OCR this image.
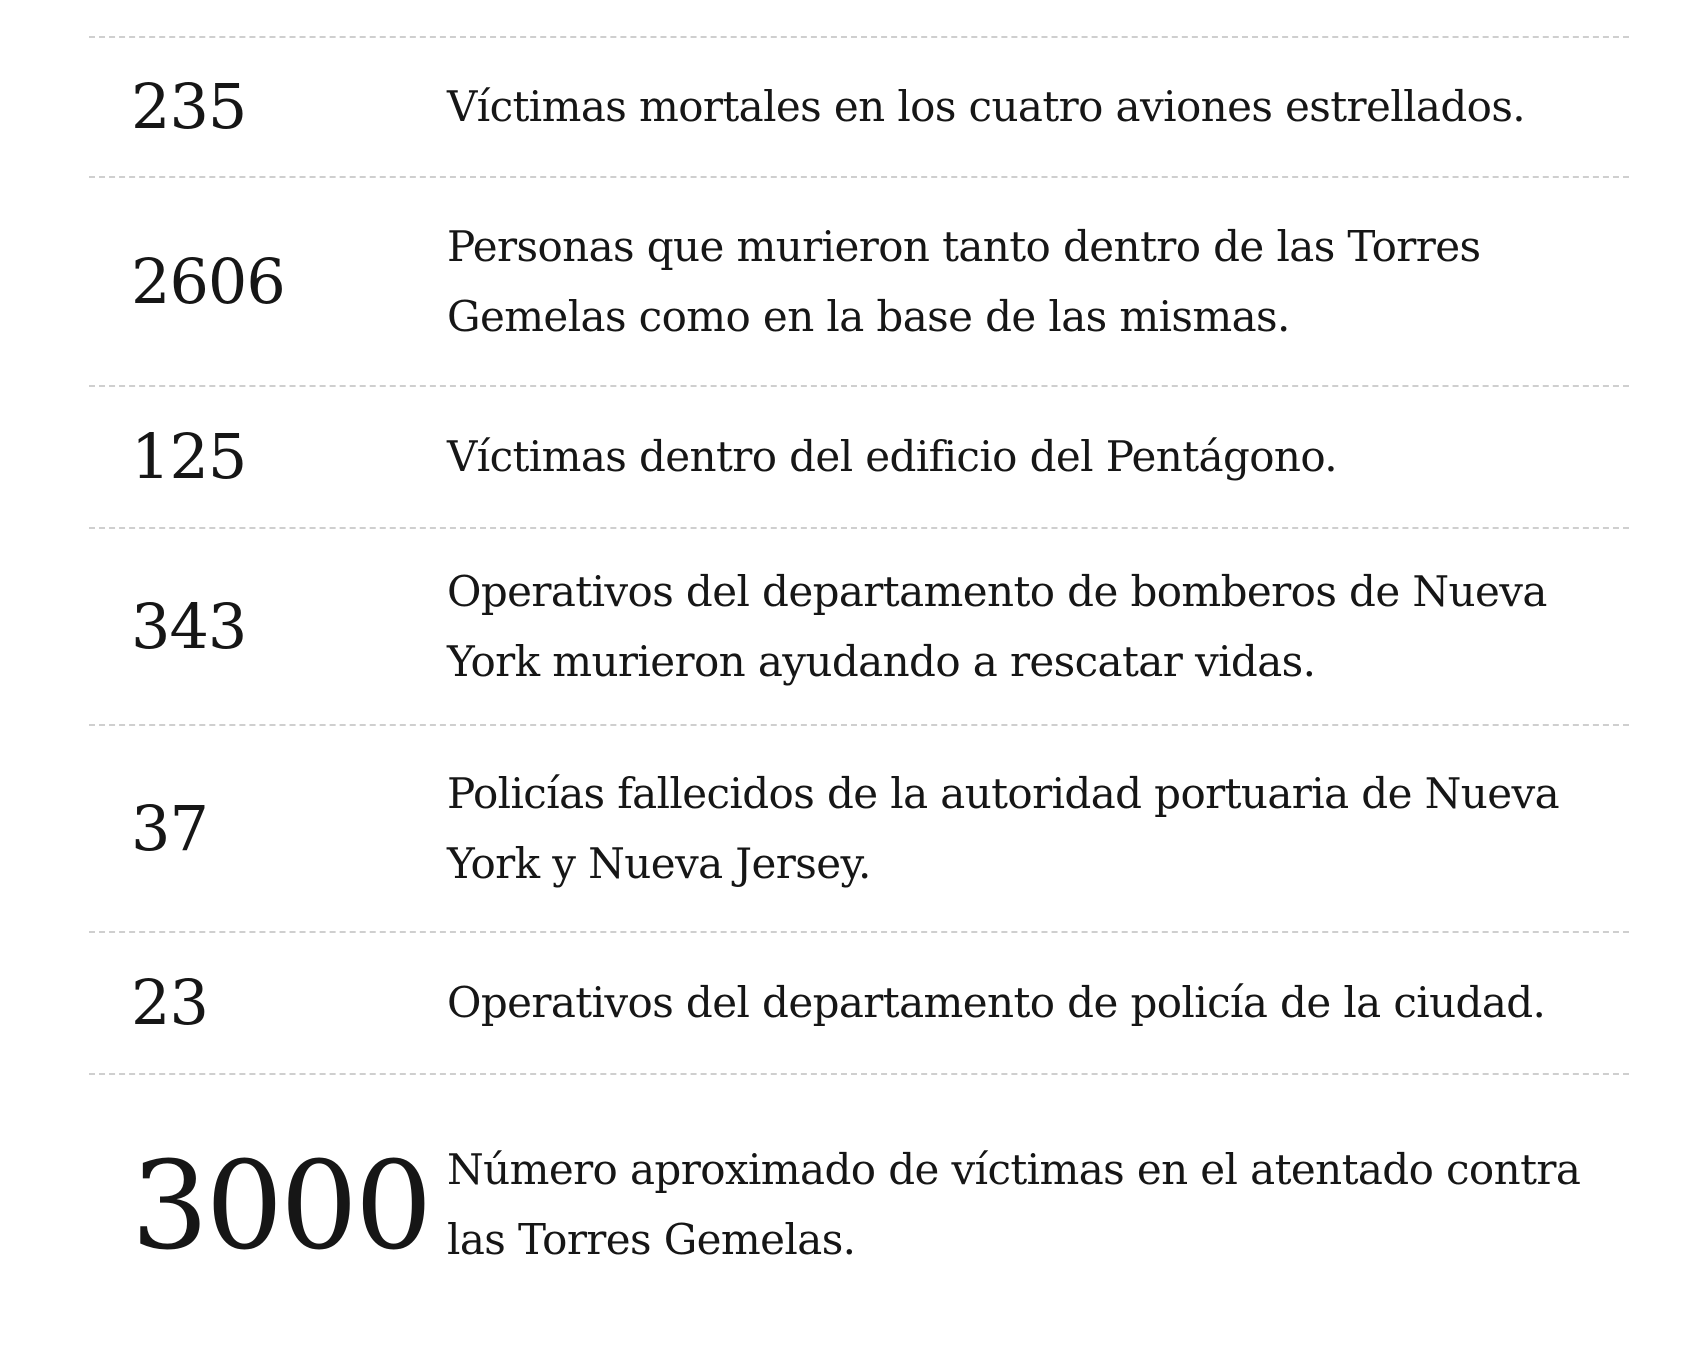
235	Víctimas mortales en los cuatro aviones estrellados.
2606	Personas que murieron tanto dentro de las Torres Gemelas como en la base de las mismas.
125	Víctimas dentro del edificio del Pentágono.
343	Operativos del departamento de bomberos de Nueva York murieron ayudando a rescatar vidas.
37	Policías fallecidos de la autoridad portuaria de Nueva York y Nueva Jersey.
23	Operativos del departamento de policía de la ciudad.
3000 Número aproximado de víctimas en el atentado contra las Torres Gemelas.
